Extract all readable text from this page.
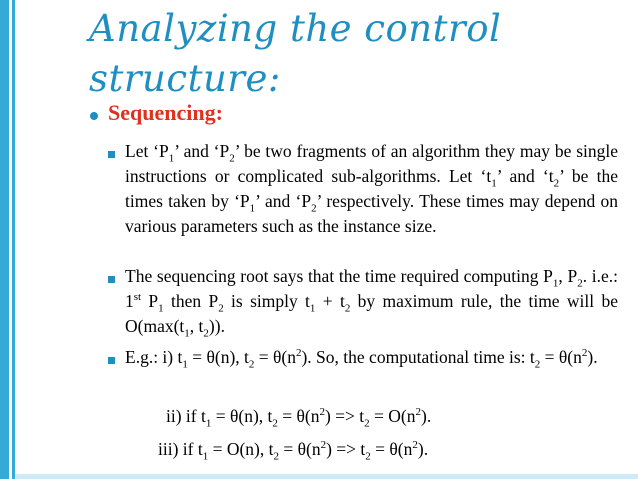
Analyzing the control structure:
Sequencing:
Let ‘$P_1$’ and ‘$P_2$’ be two fragments of an algorithm they may be single instructions or complicated sub-algorithms. Let ‘$t_1$’ and ‘$t_2$’ be the times taken by ‘$P_1$’ and ‘$P_2$’ respectively. These times may depend on various parameters such as the instance size.
The sequencing root says that the time required computing $P_1$, $P_2$. i.e.: 1st $P_1$ then $P_2$ is simply $t_1 + t_2$ by maximum rule, the time will be $O(\max(t_1$, $t_2$)).
E.g.: i) $t_1 = \theta(n)$, $t_2 = \theta(n^2)$. So, the computational time is: $t_2 = \theta(n^2)$.
ii) if $t_1 = \theta(n)$, $t_2 = \theta(n^2) => t_2 = O(n^2)$.
iii) if $t_1 = O(n)$, $t_2 = \theta(n^2) => t_2 = \theta(n^2)$.
